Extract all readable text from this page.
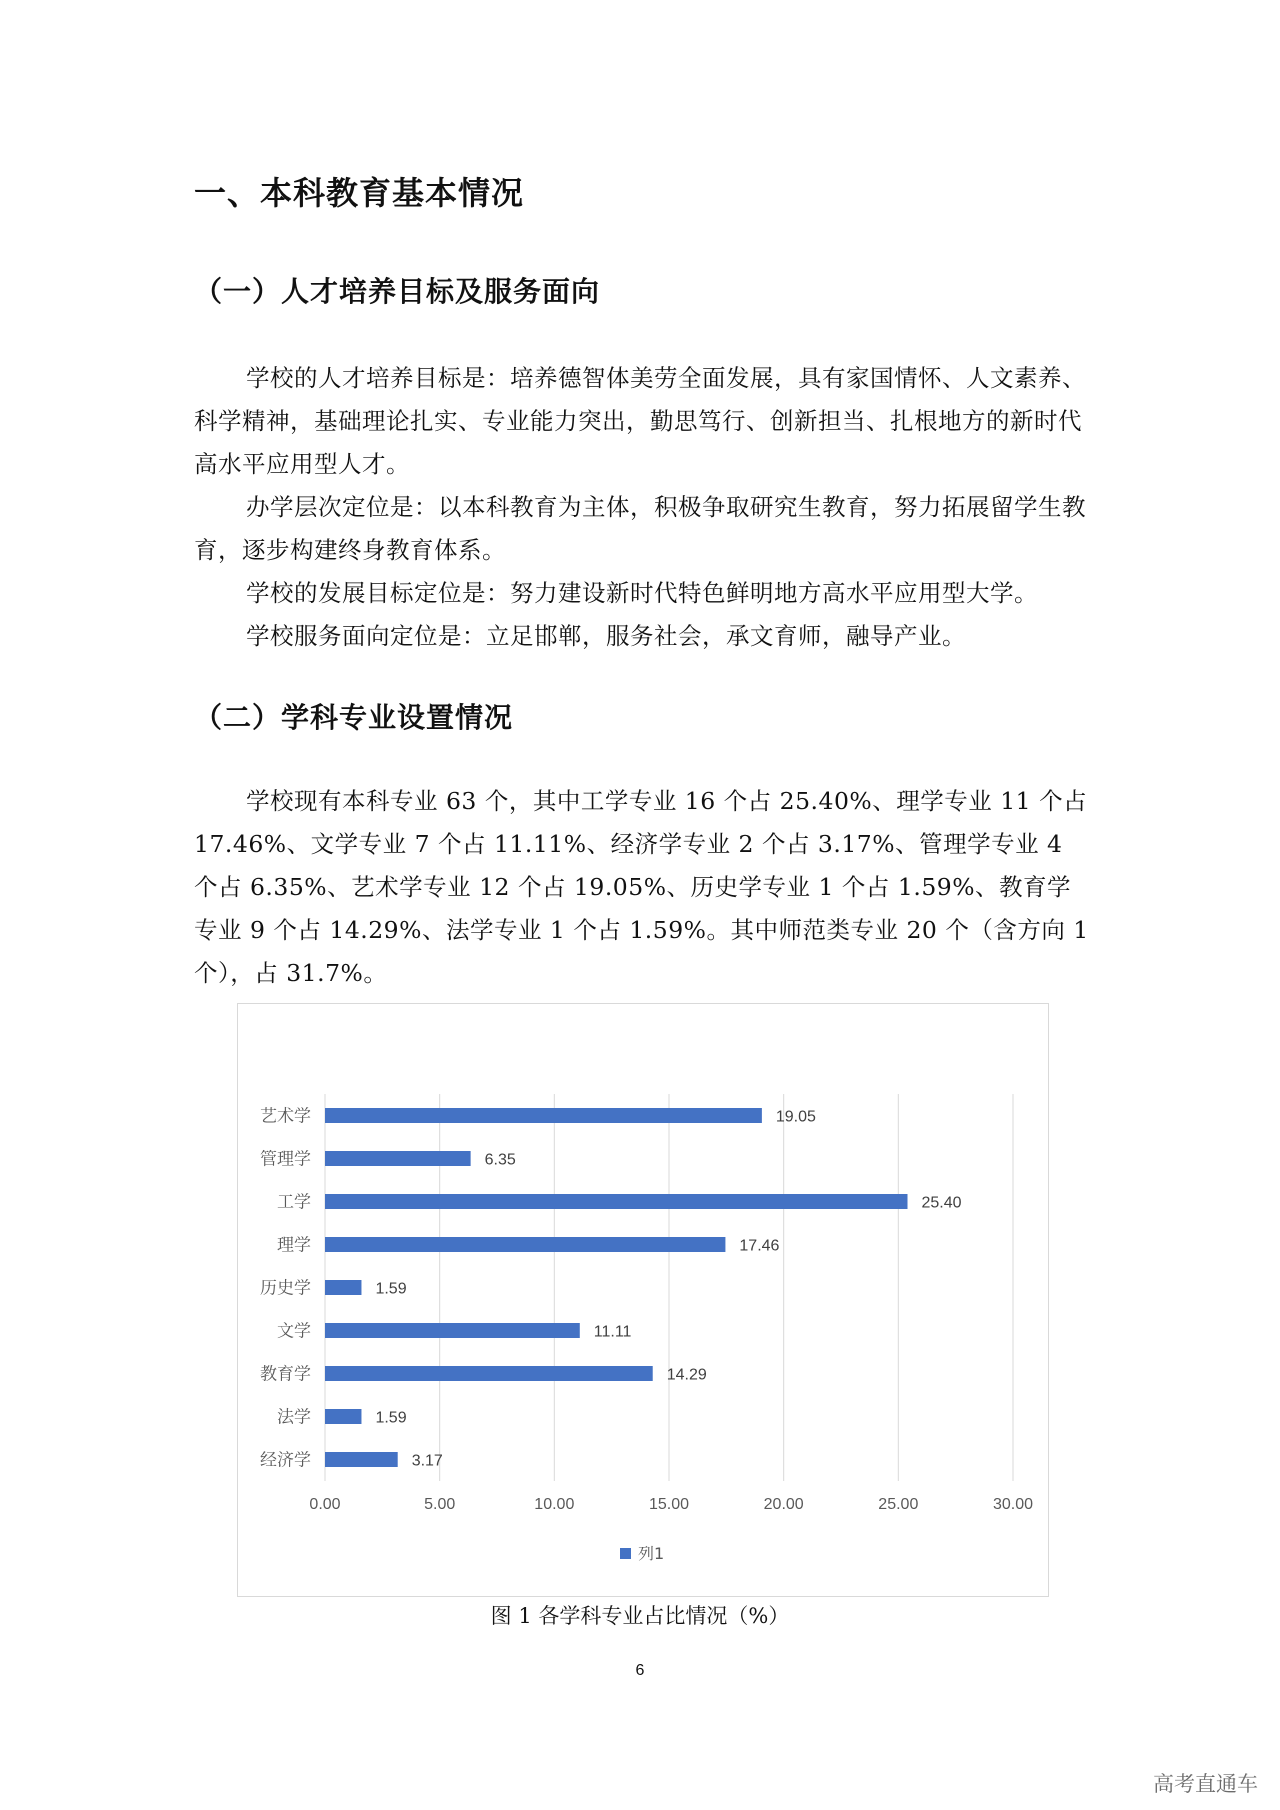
一、本科教育基本情况
（一）人才培养目标及服务面向

学校的人才培养目标是：培养德智体美劳全面发展，具有家国情怀、人文素养、科学精神，基础理论扎实、专业能力突出，勤思笃行、创新担当、扎根地方的新时代高水平应用型人才。

办学层次定位是：以本科教育为主体，积极争取研究生教育，努力拓展留学生教育，逐步构建终身教育体系。

学校的发展目标定位是：努力建设新时代特色鲜明地方高水平应用型大学。

学校服务面向定位是：立足邯郸，服务社会，承文育师，融导产业。

（二）学科专业设置情况

学校现有本科专业 63 个，其中工学专业 16 个占 25.40%、理学专业 11 个占 17.46%、文学专业 7 个占 11.11%、经济学专业 2 个占 3.17%、管理学专业 4 个占 6.35%、艺术学专业 12 个占 19.05%、历史学专业 1 个占 1.59%、教育学专业 9 个占 14.29%、法学专业 1 个占 1.59%。其中师范类专业 20 个（含方向 1 个），占 31.7%。

0.00	5.00	10.00	15.00	20.00	25.00	30.00
艺术学	19.05
管理学	6.35
工学	25.40
理学	17.46
历史学	1.59
文学	11.11
教育学	14.29
法学	1.59
经济学	3.17
列1

图 1 各学科专业占比情况（%）

6
高考直通车
